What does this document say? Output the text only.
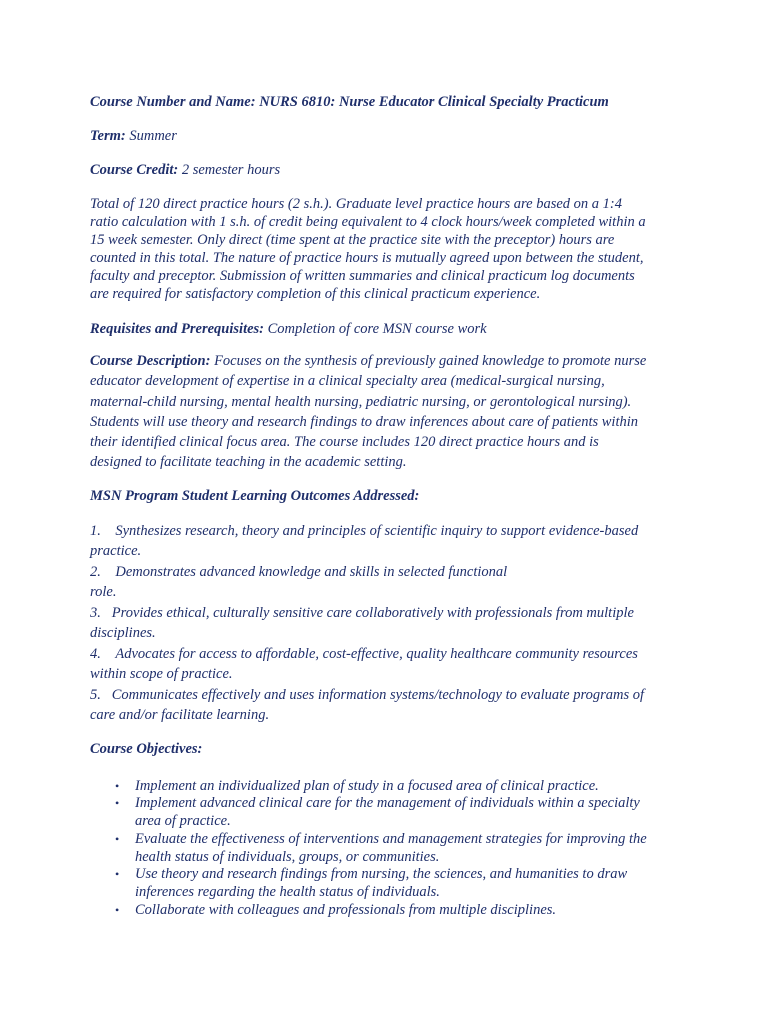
Course Number and Name: NURS 6810: Nurse Educator Clinical Specialty Practicum

Term: Summer

Course Credit: 2 semester hours

Total of 120 direct practice hours (2 s.h.). Graduate level practice hours are based on a 1:4
ratio calculation with 1 s.h. of credit being equivalent to 4 clock hours/week completed within a
15 week semester. Only direct (time spent at the practice site with the preceptor) hours are
counted in this total. The nature of practice hours is mutually agreed upon between the student,
faculty and preceptor. Submission of written summaries and clinical practicum log documents
are required for satisfactory completion of this clinical practicum experience.

Requisites and Prerequisites: Completion of core MSN course work

Course Description: Focuses on the synthesis of previously gained knowledge to promote nurse
educator development of expertise in a clinical specialty area (medical-surgical nursing,
maternal-child nursing, mental health nursing, pediatric nursing, or gerontological nursing).
Students will use theory and research findings to draw inferences about care of patients within
their identified clinical focus area. The course includes 120 direct practice hours and is
designed to facilitate teaching in the academic setting.

MSN Program Student Learning Outcomes Addressed:

1. Synthesizes research, theory and principles of scientific inquiry to support evidence-based
practice.
2. Demonstrates advanced knowledge and skills in selected functional
role.
3. Provides ethical, culturally sensitive care collaboratively with professionals from multiple
disciplines.
4. Advocates for access to affordable, cost-effective, quality healthcare community resources
within scope of practice.
5. Communicates effectively and uses information systems/technology to evaluate programs of
care and/or facilitate learning.

Course Objectives:

• Implement an individualized plan of study in a focused area of clinical practice.
• Implement advanced clinical care for the management of individuals within a specialty
area of practice.
• Evaluate the effectiveness of interventions and management strategies for improving the
health status of individuals, groups, or communities.
• Use theory and research findings from nursing, the sciences, and humanities to draw
inferences regarding the health status of individuals.
• Collaborate with colleagues and professionals from multiple disciplines.
